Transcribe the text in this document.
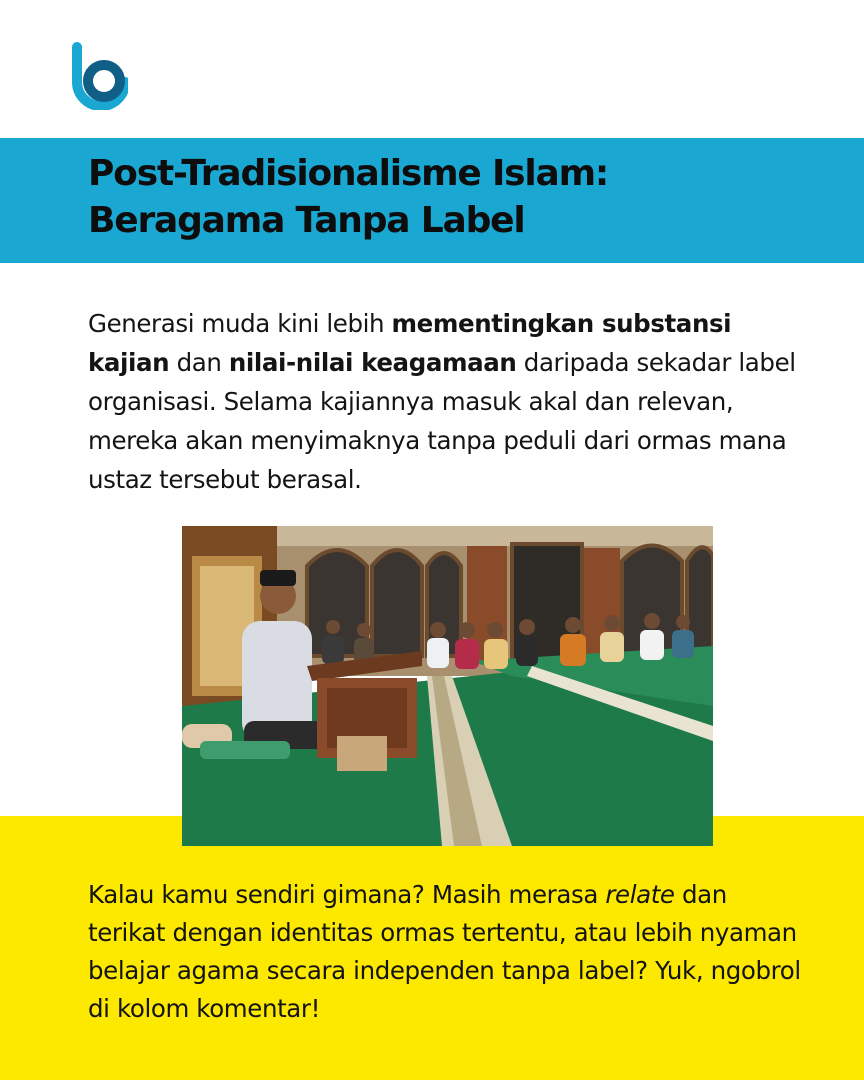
Post-Tradisionalisme Islam:
Beragama Tanpa Label

Generasi muda kini lebih mementingkan substansi kajian dan nilai-nilai keagamaan daripada sekadar label organisasi. Selama kajiannya masuk akal dan relevan, mereka akan menyimaknya tanpa peduli dari ormas mana ustaz tersebut berasal.

Kalau kamu sendiri gimana? Masih merasa relate dan terikat dengan identitas ormas tertentu, atau lebih nyaman belajar agama secara independen tanpa label? Yuk, ngobrol di kolom komentar!
